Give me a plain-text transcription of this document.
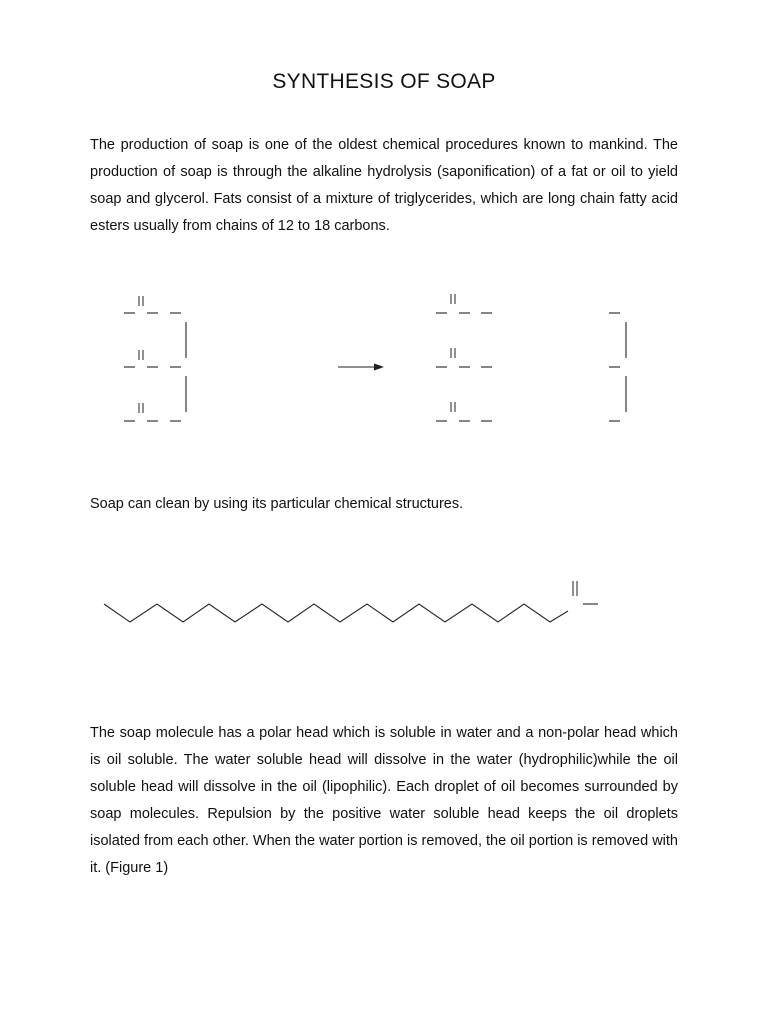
SYNTHESIS OF SOAP

The production of soap is one of the oldest chemical procedures known to mankind. The production of soap is through the alkaline hydrolysis (saponification) of a fat or oil to yield soap and glycerol. Fats consist of a mixture of triglycerides, which are long chain fatty acid esters usually from chains of 12 to 18 carbons.

Soap can clean by using its particular chemical structures.

The soap molecule has a polar head which is soluble in water and a non-polar head which is oil soluble. The water soluble head will dissolve in the water (hydrophilic)while the oil soluble head will dissolve in the oil (lipophilic). Each droplet of oil becomes surrounded by soap molecules. Repulsion by the positive water soluble head keeps the oil droplets isolated from each other. When the water portion is removed, the oil portion is removed with it. (Figure 1)
